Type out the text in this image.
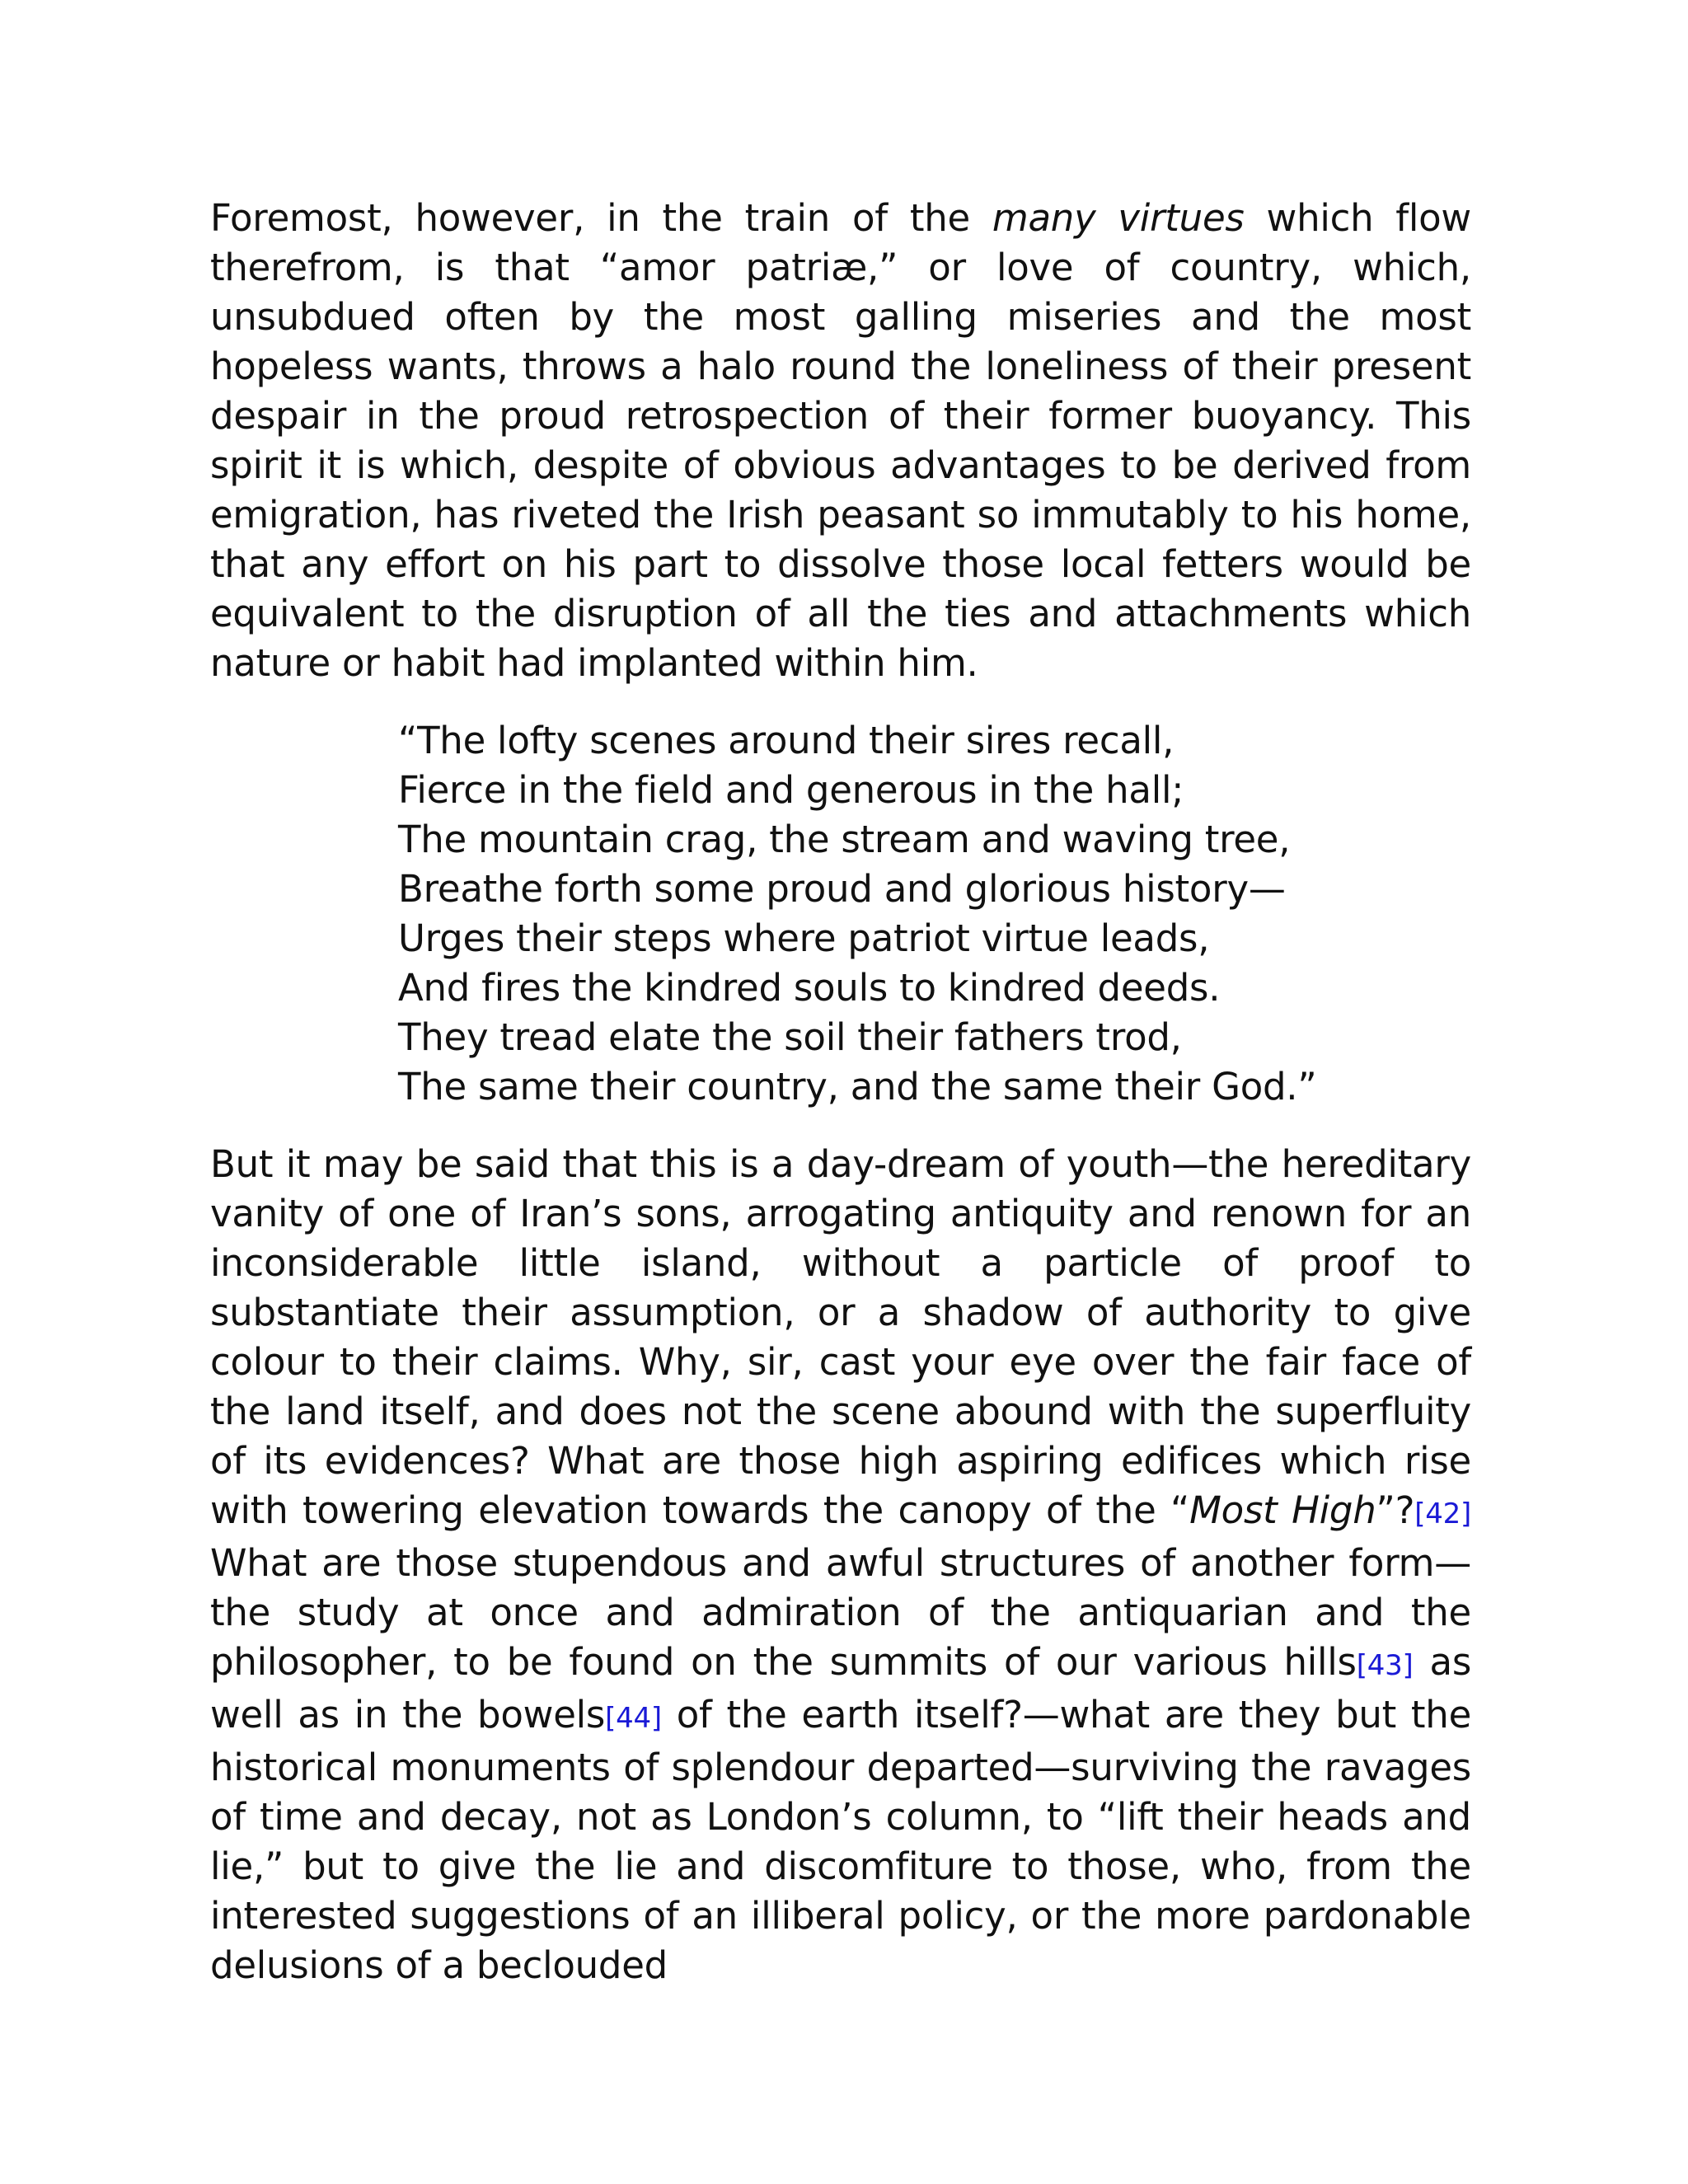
Foremost, however, in the train of the many virtues which flow therefrom, is that “amor patriæ,” or love of country, which, unsubdued often by the most galling miseries and the most hopeless wants, throws a halo round the loneliness of their present despair in the proud retrospection of their former buoyancy. This spirit it is which, despite of obvious advantages to be derived from emigration, has riveted the Irish peasant so immutably to his home, that any effort on his part to dissolve those local fetters would be equivalent to the disruption of all the ties and attachments which nature or habit had implanted within him.

“The lofty scenes around their sires recall,
Fierce in the field and generous in the hall;
The mountain crag, the stream and waving tree,
Breathe forth some proud and glorious history—
Urges their steps where patriot virtue leads,
And fires the kindred souls to kindred deeds.
They tread elate the soil their fathers trod,
The same their country, and the same their God.”

But it may be said that this is a day-dream of youth—the hereditary vanity of one of Iran’s sons, arrogating antiquity and renown for an inconsiderable little island, without a particle of proof to substantiate their assumption, or a shadow of authority to give colour to their claims. Why, sir, cast your eye over the fair face of the land itself, and does not the scene abound with the superfluity of its evidences? What are those high aspiring edifices which rise with towering elevation towards the canopy of the “Most High”?[42] What are those stupendous and awful structures of another form—the study at once and admiration of the antiquarian and the philosopher, to be found on the summits of our various hills[43] as well as in the bowels[44] of the earth itself?—what are they but the historical monuments of splendour departed—surviving the ravages of time and decay, not as London’s column, to “lift their heads and lie,” but to give the lie and discomfiture to those, who, from the interested suggestions of an illiberal policy, or the more pardonable delusions of a beclouded
